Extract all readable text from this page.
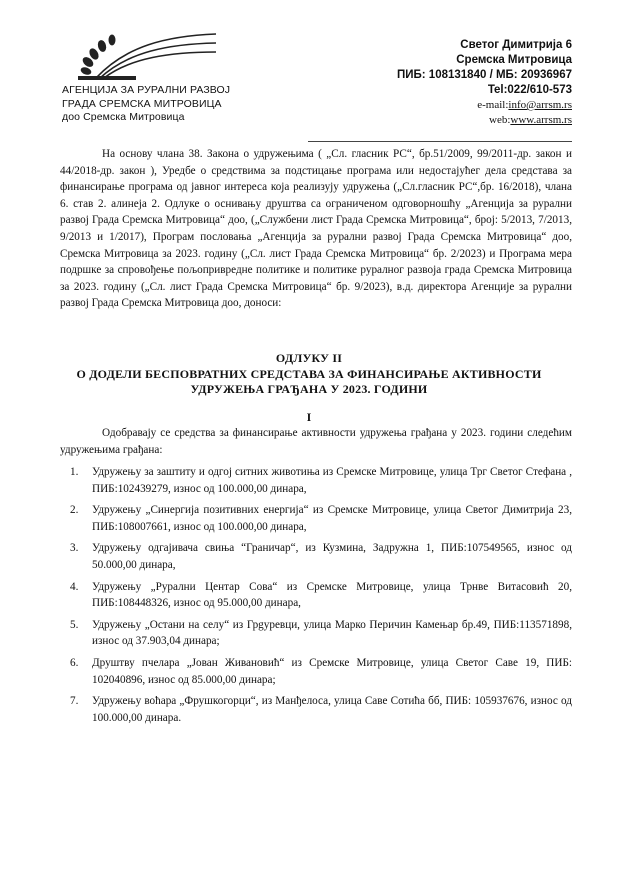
АГЕНЦИЈА ЗА РУРАЛНИ РАЗВОЈ
ГРАДА СРЕМСКА МИТРОВИЦА
доо Сремска Митровица
Светог Димитрија 6
Сремска Митровица
ПИБ: 108131840 / МБ: 20936967
Tel:022/610-573
e-mail:info@arrsm.rs
web:www.arrsm.rs
На основу члана 38. Закона о удружењима ( „Сл. гласник РС“, бр.51/2009, 99/2011-др. закон и 44/2018-др. закон ), Уредбе о средствима за подстицање програма или недостајућег дела средстава за финансирање програма од јавног интереса која реализују удружења („Сл.гласник РС“,бр. 16/2018), члана 6. став 2. алинеја 2. Одлуке о оснивању друштва са ограниченом одговорношћу „Агенција за рурални развој Града Сремска Митровица“ доо, („Службени лист Града Сремска Митровица“, број: 5/2013, 7/2013, 9/2013 и 1/2017), Програм пословања „Агенција за рурални развој Града Сремска Митровица“ доо, Сремска Митровица за 2023. годину („Сл. лист Града Сремска Митровица“ бр. 2/2023) и Програма мера подршке за спровођење пољопривредне политике и политике руралног развоја града Сремска Митровица за 2023. годину („Сл. лист Града Сремска Митровица“ бр. 9/2023), в.д. директора Агенције за рурални развој Града Сремска Митровица доо, доноси:
ОДЛУКУ II
О ДОДЕЛИ БЕСПОВРАТНИХ СРЕДСТАВА ЗА ФИНАНСИРАЊЕ АКТИВНОСТИ
УДРУЖЕЊА ГРАЂАНА У 2023. ГОДИНИ
I
Одобравају се средства за финансирање активности удружења грађана у 2023. години следећим удружењима грађана:
1. Удружењу за заштиту и одгој ситних животиња из Сремске Митровице, улица Трг Светог Стефана , ПИБ:102439279, износ од 100.000,00 динара,
2. Удружењу „Синергија позитивних енергија“ из Сремске Митровице, улица Светог Димитрија 23, ПИБ:108007661, износ од 100.000,00 динара,
3. Удружењу одгајивача свиња “Граничар“, из Кузмина, Задружна 1, ПИБ:107549565, износ од 50.000,00 динара,
4. Удружењу „Рурални Центар Сова“ из Сремске Митровице, улица Трнве Витасовић 20, ПИБ:108448326, износ од 95.000,00 динара,
5. Удружењу „Остани на селу“ из Грgуревци, улица Марко Перичин Камењар бр.49, ПИБ:113571898, износ од 37.903,04 динара;
6. Друштву пчелара „Јован Живановић“ из Сремске Митровице, улица Светог Саве 19, ПИБ: 102040896, износ од 85.000,00 динара;
7. Удружењу воћара „Фрушкогорци“, из Манђелоса, улица Саве Сотића бб, ПИБ: 105937676, износ од 100.000,00 динара.
